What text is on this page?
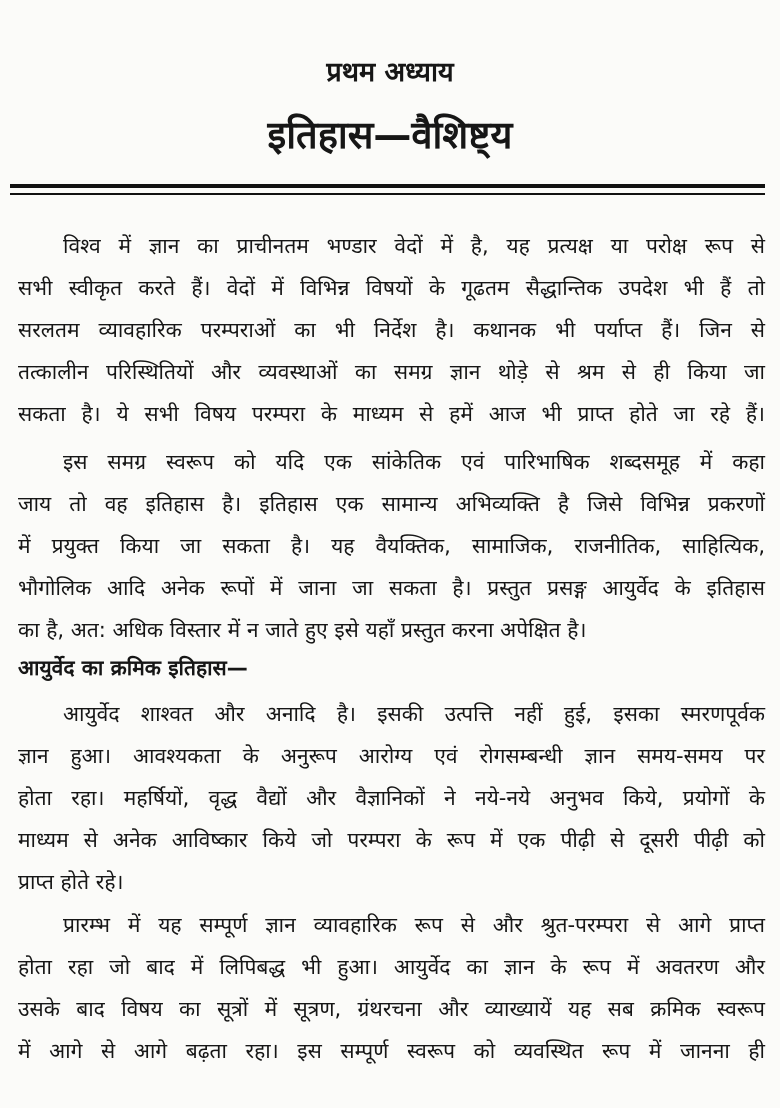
प्रथम अध्याय
इतिहास—वैशिष्ट्य
विश्व में ज्ञान का प्राचीनतम भण्डार वेदों में है, यह प्रत्यक्ष या परोक्ष रूप से
सभी स्वीकृत करते हैं। वेदों में विभिन्न विषयों के गूढतम सैद्धान्तिक उपदेश भी हैं तो
सरलतम व्यावहारिक परम्पराओं का भी निर्देश है। कथानक भी पर्याप्त हैं। जिन से
तत्कालीन परिस्थितियों और व्यवस्थाओं का समग्र ज्ञान थोड़े से श्रम से ही किया जा
सकता है। ये सभी विषय परम्परा के माध्यम से हमें आज भी प्राप्त होते जा रहे हैं।
इस समग्र स्वरूप को यदि एक सांकेतिक एवं पारिभाषिक शब्दसमूह में कहा
जाय तो वह इतिहास है। इतिहास एक सामान्य अभिव्यक्ति है जिसे विभिन्न प्रकरणों
में प्रयुक्त किया जा सकता है। यह वैयक्तिक, सामाजिक, राजनीतिक, साहित्यिक,
भौगोलिक आदि अनेक रूपों में जाना जा सकता है। प्रस्तुत प्रसङ्ग आयुर्वेद के इतिहास
का है, अत: अधिक विस्तार में न जाते हुए इसे यहाँ प्रस्तुत करना अपेक्षित है।
आयुर्वेद का क्रमिक इतिहास—
आयुर्वेद शाश्वत और अनादि है। इसकी उत्पत्ति नहीं हुई, इसका स्मरणपूर्वक
ज्ञान हुआ। आवश्यकता के अनुरूप आरोग्य एवं रोगसम्बन्धी ज्ञान समय-समय पर
होता रहा। महर्षियों, वृद्ध वैद्यों और वैज्ञानिकों ने नये-नये अनुभव किये, प्रयोगों के
माध्यम से अनेक आविष्कार किये जो परम्परा के रूप में एक पीढ़ी से दूसरी पीढ़ी को
प्राप्त होते रहे।
प्रारम्भ में यह सम्पूर्ण ज्ञान व्यावहारिक रूप से और श्रुत-परम्परा से आगे प्राप्त
होता रहा जो बाद में लिपिबद्ध भी हुआ। आयुर्वेद का ज्ञान के रूप में अवतरण और
उसके बाद विषय का सूत्रों में सूत्रण, ग्रंथरचना और व्याख्यायें यह सब क्रमिक स्वरूप
में आगे से आगे बढ़ता रहा। इस सम्पूर्ण स्वरूप को व्यवस्थित रूप में जानना ही
